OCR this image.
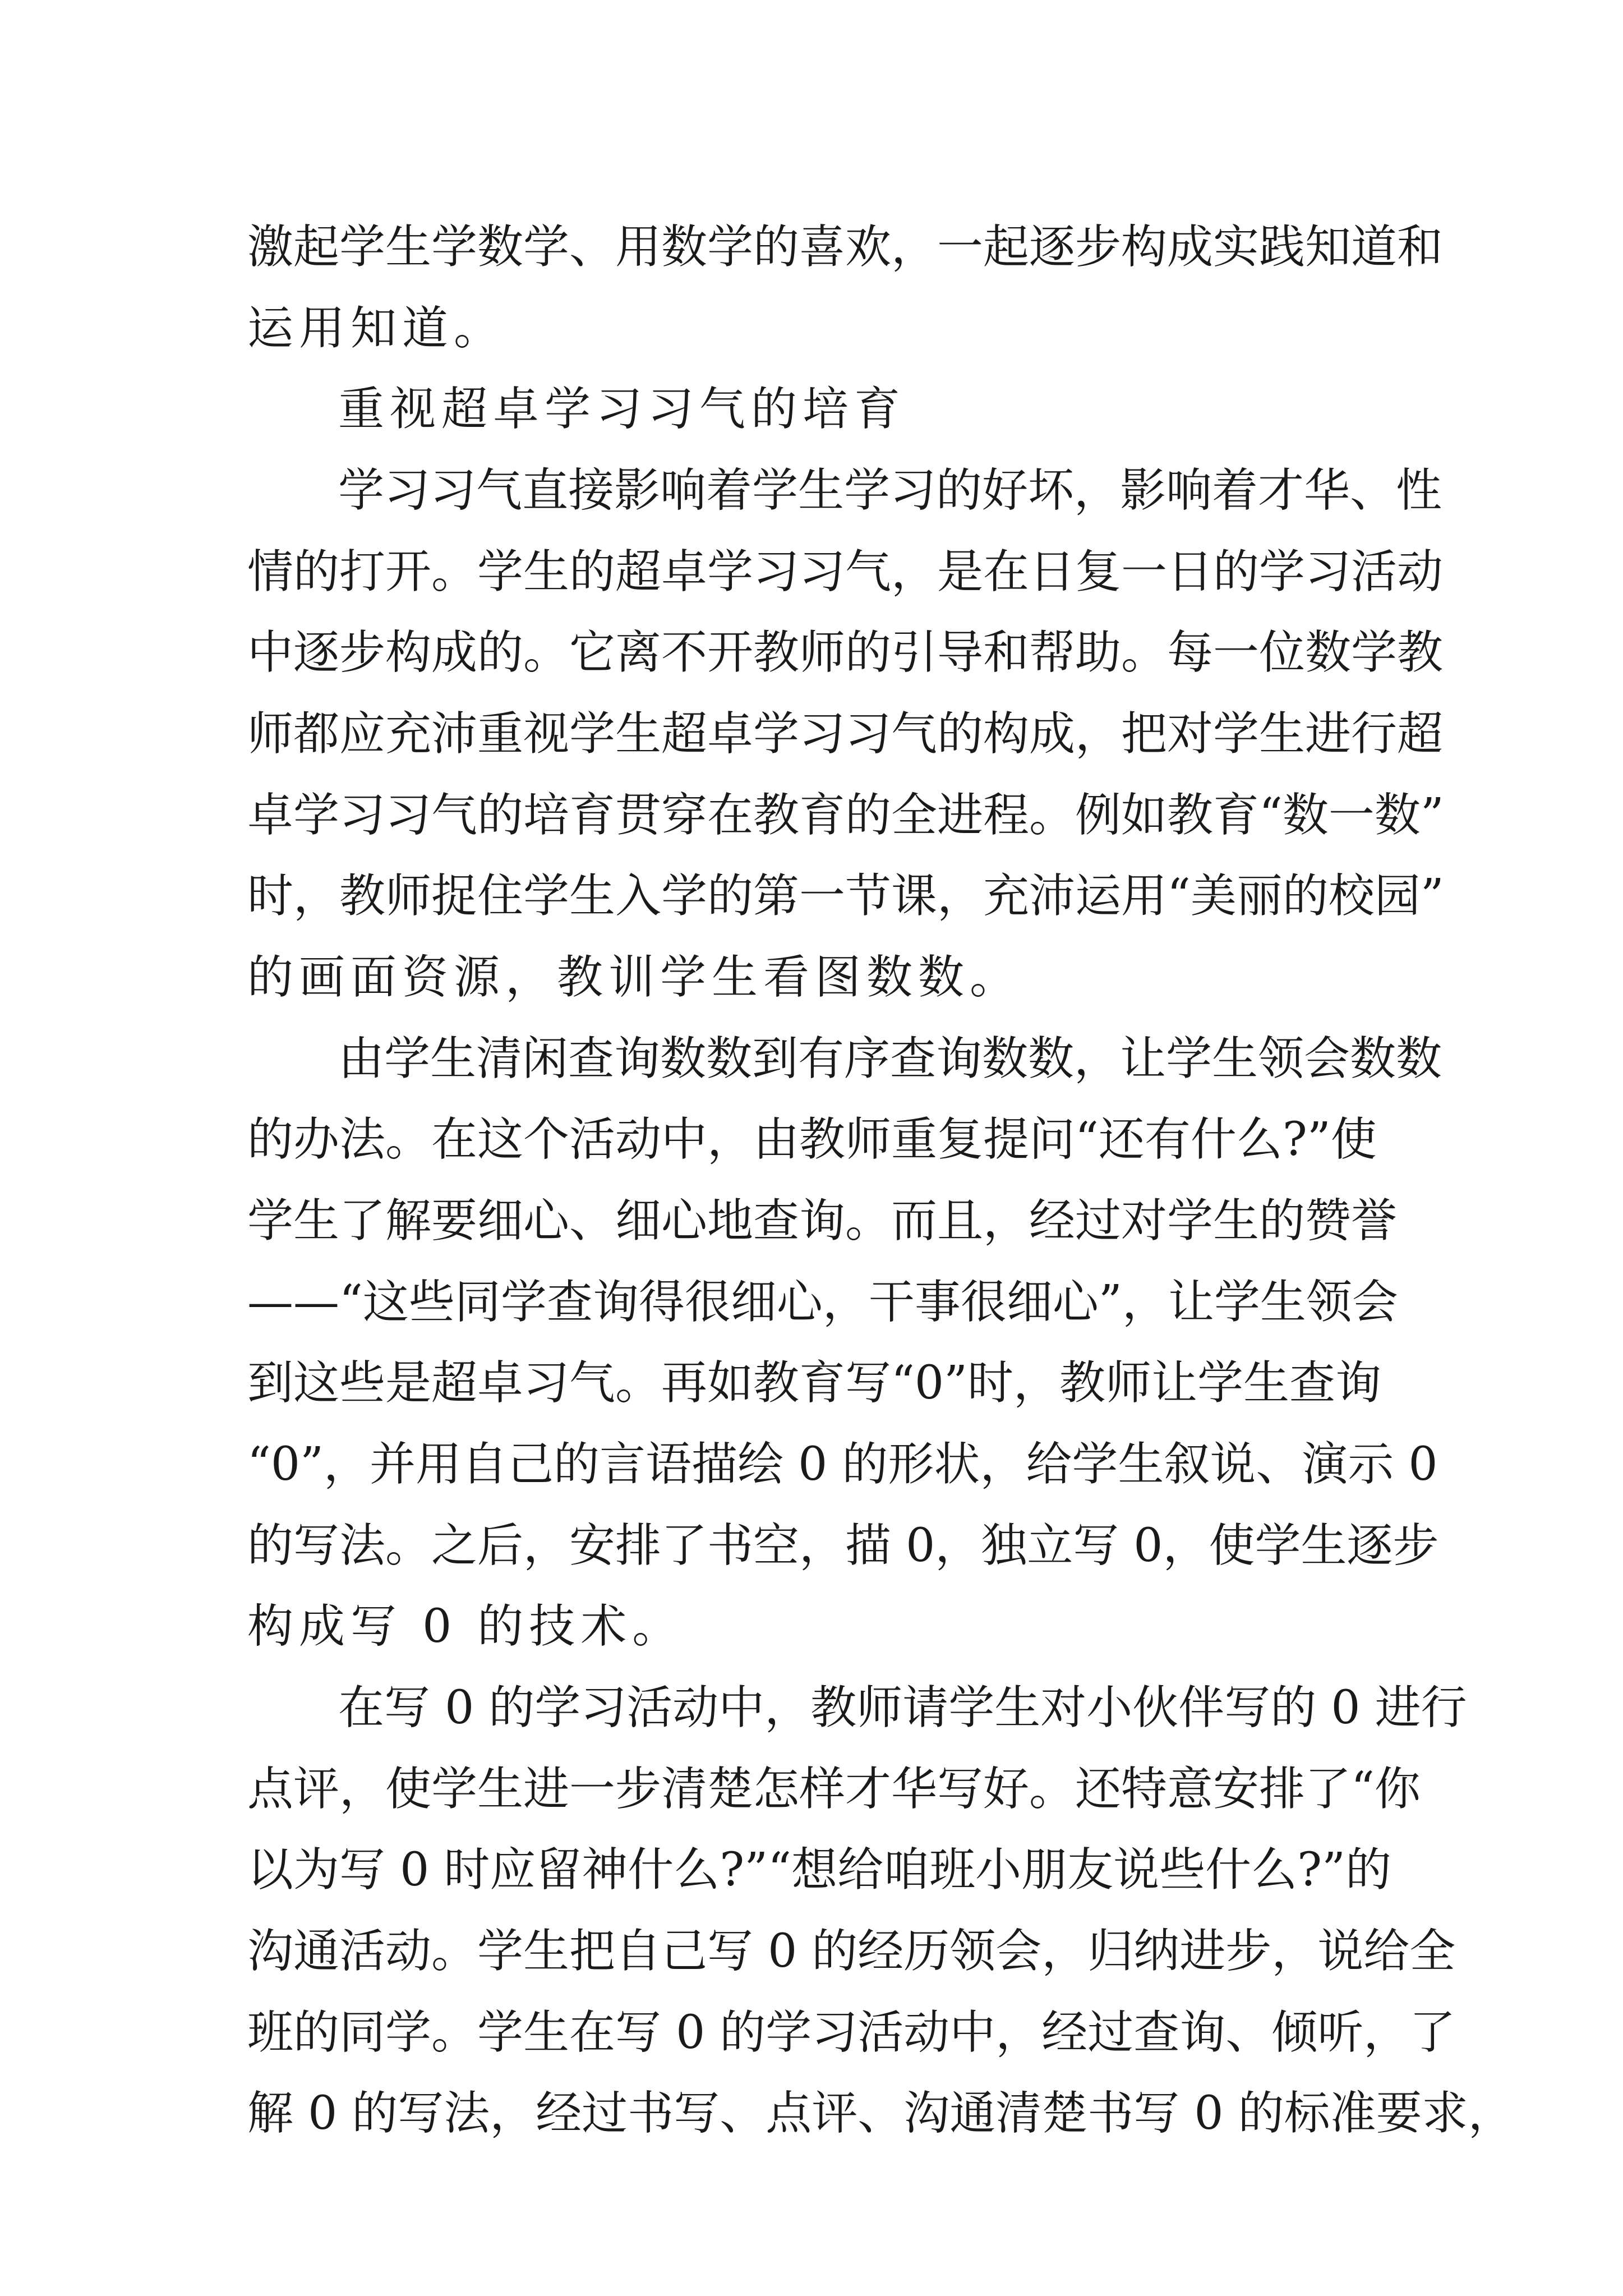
激起学生学数学、用数学的喜欢，一起逐步构成实践知道和
运用知道。
重视超卓学习习气的培育
学习习气直接影响着学生学习的好坏，影响着才华、性
情的打开。学生的超卓学习习气，是在日复一日的学习活动
中逐步构成的。它离不开教师的引导和帮助。每一位数学教
师都应充沛重视学生超卓学习习气的构成，把对学生进行超
卓学习习气的培育贯穿在教育的全进程。例如教育“数一数”
时，教师捉住学生入学的第一节课，充沛运用“美丽的校园”
的画面资源，教训学生看图数数。
由学生清闲查询数数到有序查询数数，让学生领会数数
的办法。在这个活动中，由教师重复提问“还有什么?”使
学生了解要细心、细心地查询。而且，经过对学生的赞誉
——“这些同学查询得很细心，干事很细心”，让学生领会
到这些是超卓习气。再如教育写“0”时，教师让学生查询
“0”，并用自己的言语描绘 0 的形状，给学生叙说、演示 0
的写法。之后，安排了书空，描 0，独立写 0，使学生逐步
构成写 0 的技术。
在写 0 的学习活动中，教师请学生对小伙伴写的 0 进行
点评，使学生进一步清楚怎样才华写好。还特意安排了“你
以为写 0 时应留神什么?”“想给咱班小朋友说些什么?”的
沟通活动。学生把自己写 0 的经历领会，归纳进步，说给全
班的同学。学生在写 0 的学习活动中，经过查询、倾听，了
解 0 的写法，经过书写、点评、沟通清楚书写 0 的标准要求，
